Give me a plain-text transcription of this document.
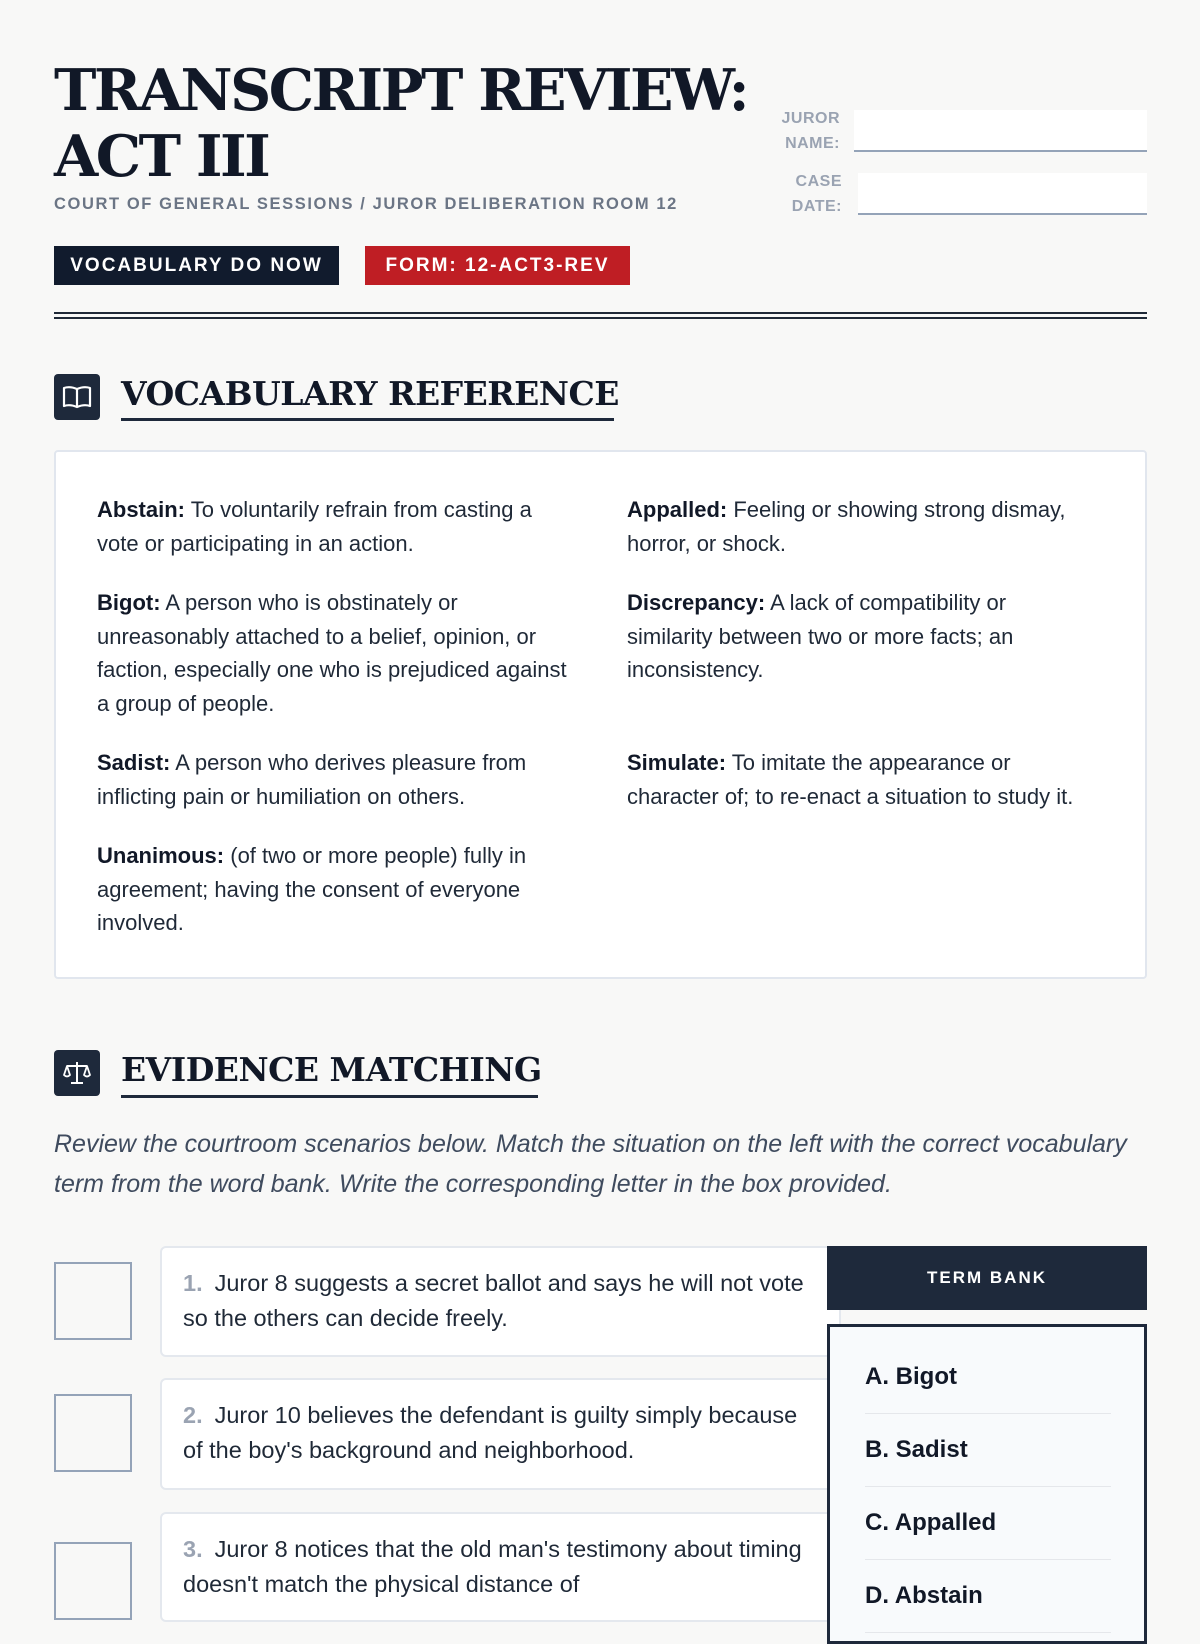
TRANSCRIPT REVIEW:
ACT III
COURT OF GENERAL SESSIONS / JUROR DELIBERATION ROOM 12
VOCABULARY DO NOW	FORM: 12-ACT3-REV
JUROR
NAME:
CASE
DATE:
VOCABULARY REFERENCE
Abstain: To voluntarily refrain from casting a vote or participating in an action.
Appalled: Feeling or showing strong dismay, horror, or shock.
Bigot: A person who is obstinately or unreasonably attached to a belief, opinion, or faction, especially one who is prejudiced against a group of people.
Discrepancy: A lack of compatibility or similarity between two or more facts; an inconsistency.
Sadist: A person who derives pleasure from inflicting pain or humiliation on others.
Simulate: To imitate the appearance or character of; to re-enact a situation to study it.
Unanimous: (of two or more people) fully in agreement; having the consent of everyone involved.
EVIDENCE MATCHING
Review the courtroom scenarios below. Match the situation on the left with the correct vocabulary term from the word bank. Write the corresponding letter in the box provided.
1. Juror 8 suggests a secret ballot and says he will not vote so the others can decide freely.
2. Juror 10 believes the defendant is guilty simply because of the boy's background and neighborhood.
3. Juror 8 notices that the old man's testimony about timing doesn't match the physical distance of
TERM BANK
A. Bigot
B. Sadist
C. Appalled
D. Abstain
